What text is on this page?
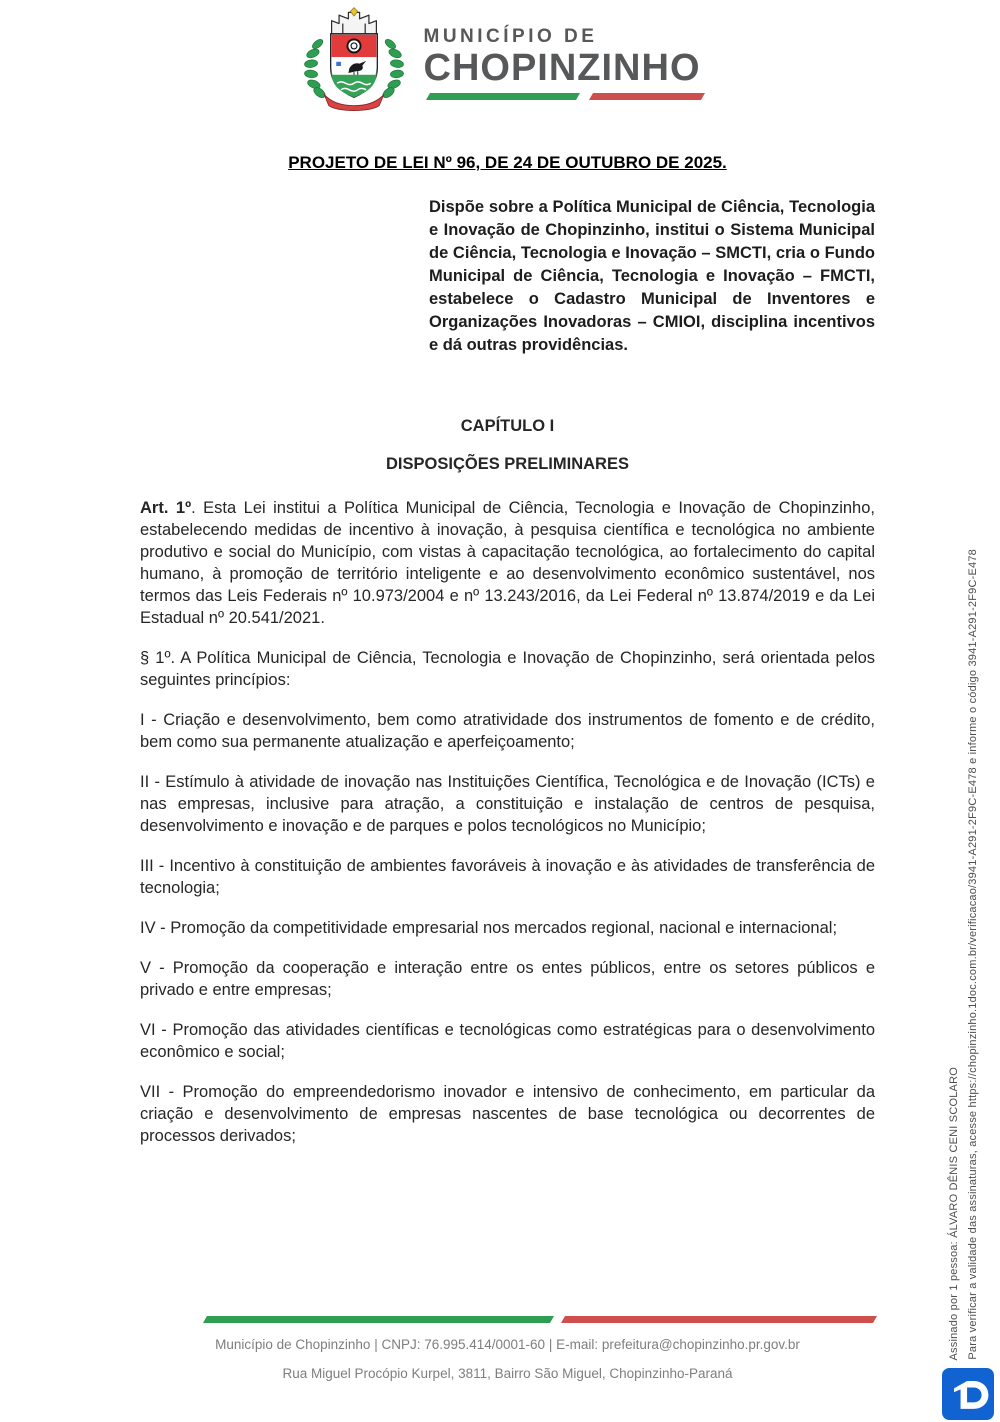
MUNICÍPIO DE
CHOPINZINHO
PROJETO DE LEI Nº 96, DE 24 DE OUTUBRO DE 2025.

Dispõe sobre a Política Municipal de Ciência, Tecnologia e Inovação de Chopinzinho, institui o Sistema Municipal de Ciência, Tecnologia e Inovação – SMCTI, cria o Fundo Municipal de Ciência, Tecnologia e Inovação – FMCTI, estabelece o Cadastro Municipal de Inventores e Organizações Inovadoras – CMIOI, disciplina incentivos e dá outras providências.

CAPÍTULO I
DISPOSIÇÕES PRELIMINARES

Art. 1º. Esta Lei institui a Política Municipal de Ciência, Tecnologia e Inovação de Chopinzinho, estabelecendo medidas de incentivo à inovação, à pesquisa científica e tecnológica no ambiente produtivo e social do Município, com vistas à capacitação tecnológica, ao fortalecimento do capital humano, à promoção de território inteligente e ao desenvolvimento econômico sustentável, nos termos das Leis Federais nº 10.973/2004 e nº 13.243/2016, da Lei Federal nº 13.874/2019 e da Lei Estadual nº 20.541/2021.

§ 1º. A Política Municipal de Ciência, Tecnologia e Inovação de Chopinzinho, será orientada pelos seguintes princípios:

I - Criação e desenvolvimento, bem como atratividade dos instrumentos de fomento e de crédito, bem como sua permanente atualização e aperfeiçoamento;

II - Estímulo à atividade de inovação nas Instituições Científica, Tecnológica e de Inovação (ICTs) e nas empresas, inclusive para atração, a constituição e instalação de centros de pesquisa, desenvolvimento e inovação e de parques e polos tecnológicos no Município;

III - Incentivo à constituição de ambientes favoráveis à inovação e às atividades de transferência de tecnologia;

IV - Promoção da competitividade empresarial nos mercados regional, nacional e internacional;

V - Promoção da cooperação e interação entre os entes públicos, entre os setores públicos e privado e entre empresas;

VI - Promoção das atividades científicas e tecnológicas como estratégicas para o desenvolvimento econômico e social;

VII - Promoção do empreendedorismo inovador e intensivo de conhecimento, em particular da criação e desenvolvimento de empresas nascentes de base tecnológica ou decorrentes de processos derivados;

Município de Chopinzinho | CNPJ: 76.995.414/0001-60 | E-mail: prefeitura@chopinzinho.pr.gov.br
Rua Miguel Procópio Kurpel, 3811, Bairro São Miguel, Chopinzinho-Paraná
Assinado por 1 pessoa: ÁLVARO DÊNIS CENI SCOLARO Para verificar a validade das assinaturas, acesse https://chopinzinho.1doc.com.br/verificacao/3941-A291-2F9C-E478 e informe o código 3941-A291-2F9C-E478
